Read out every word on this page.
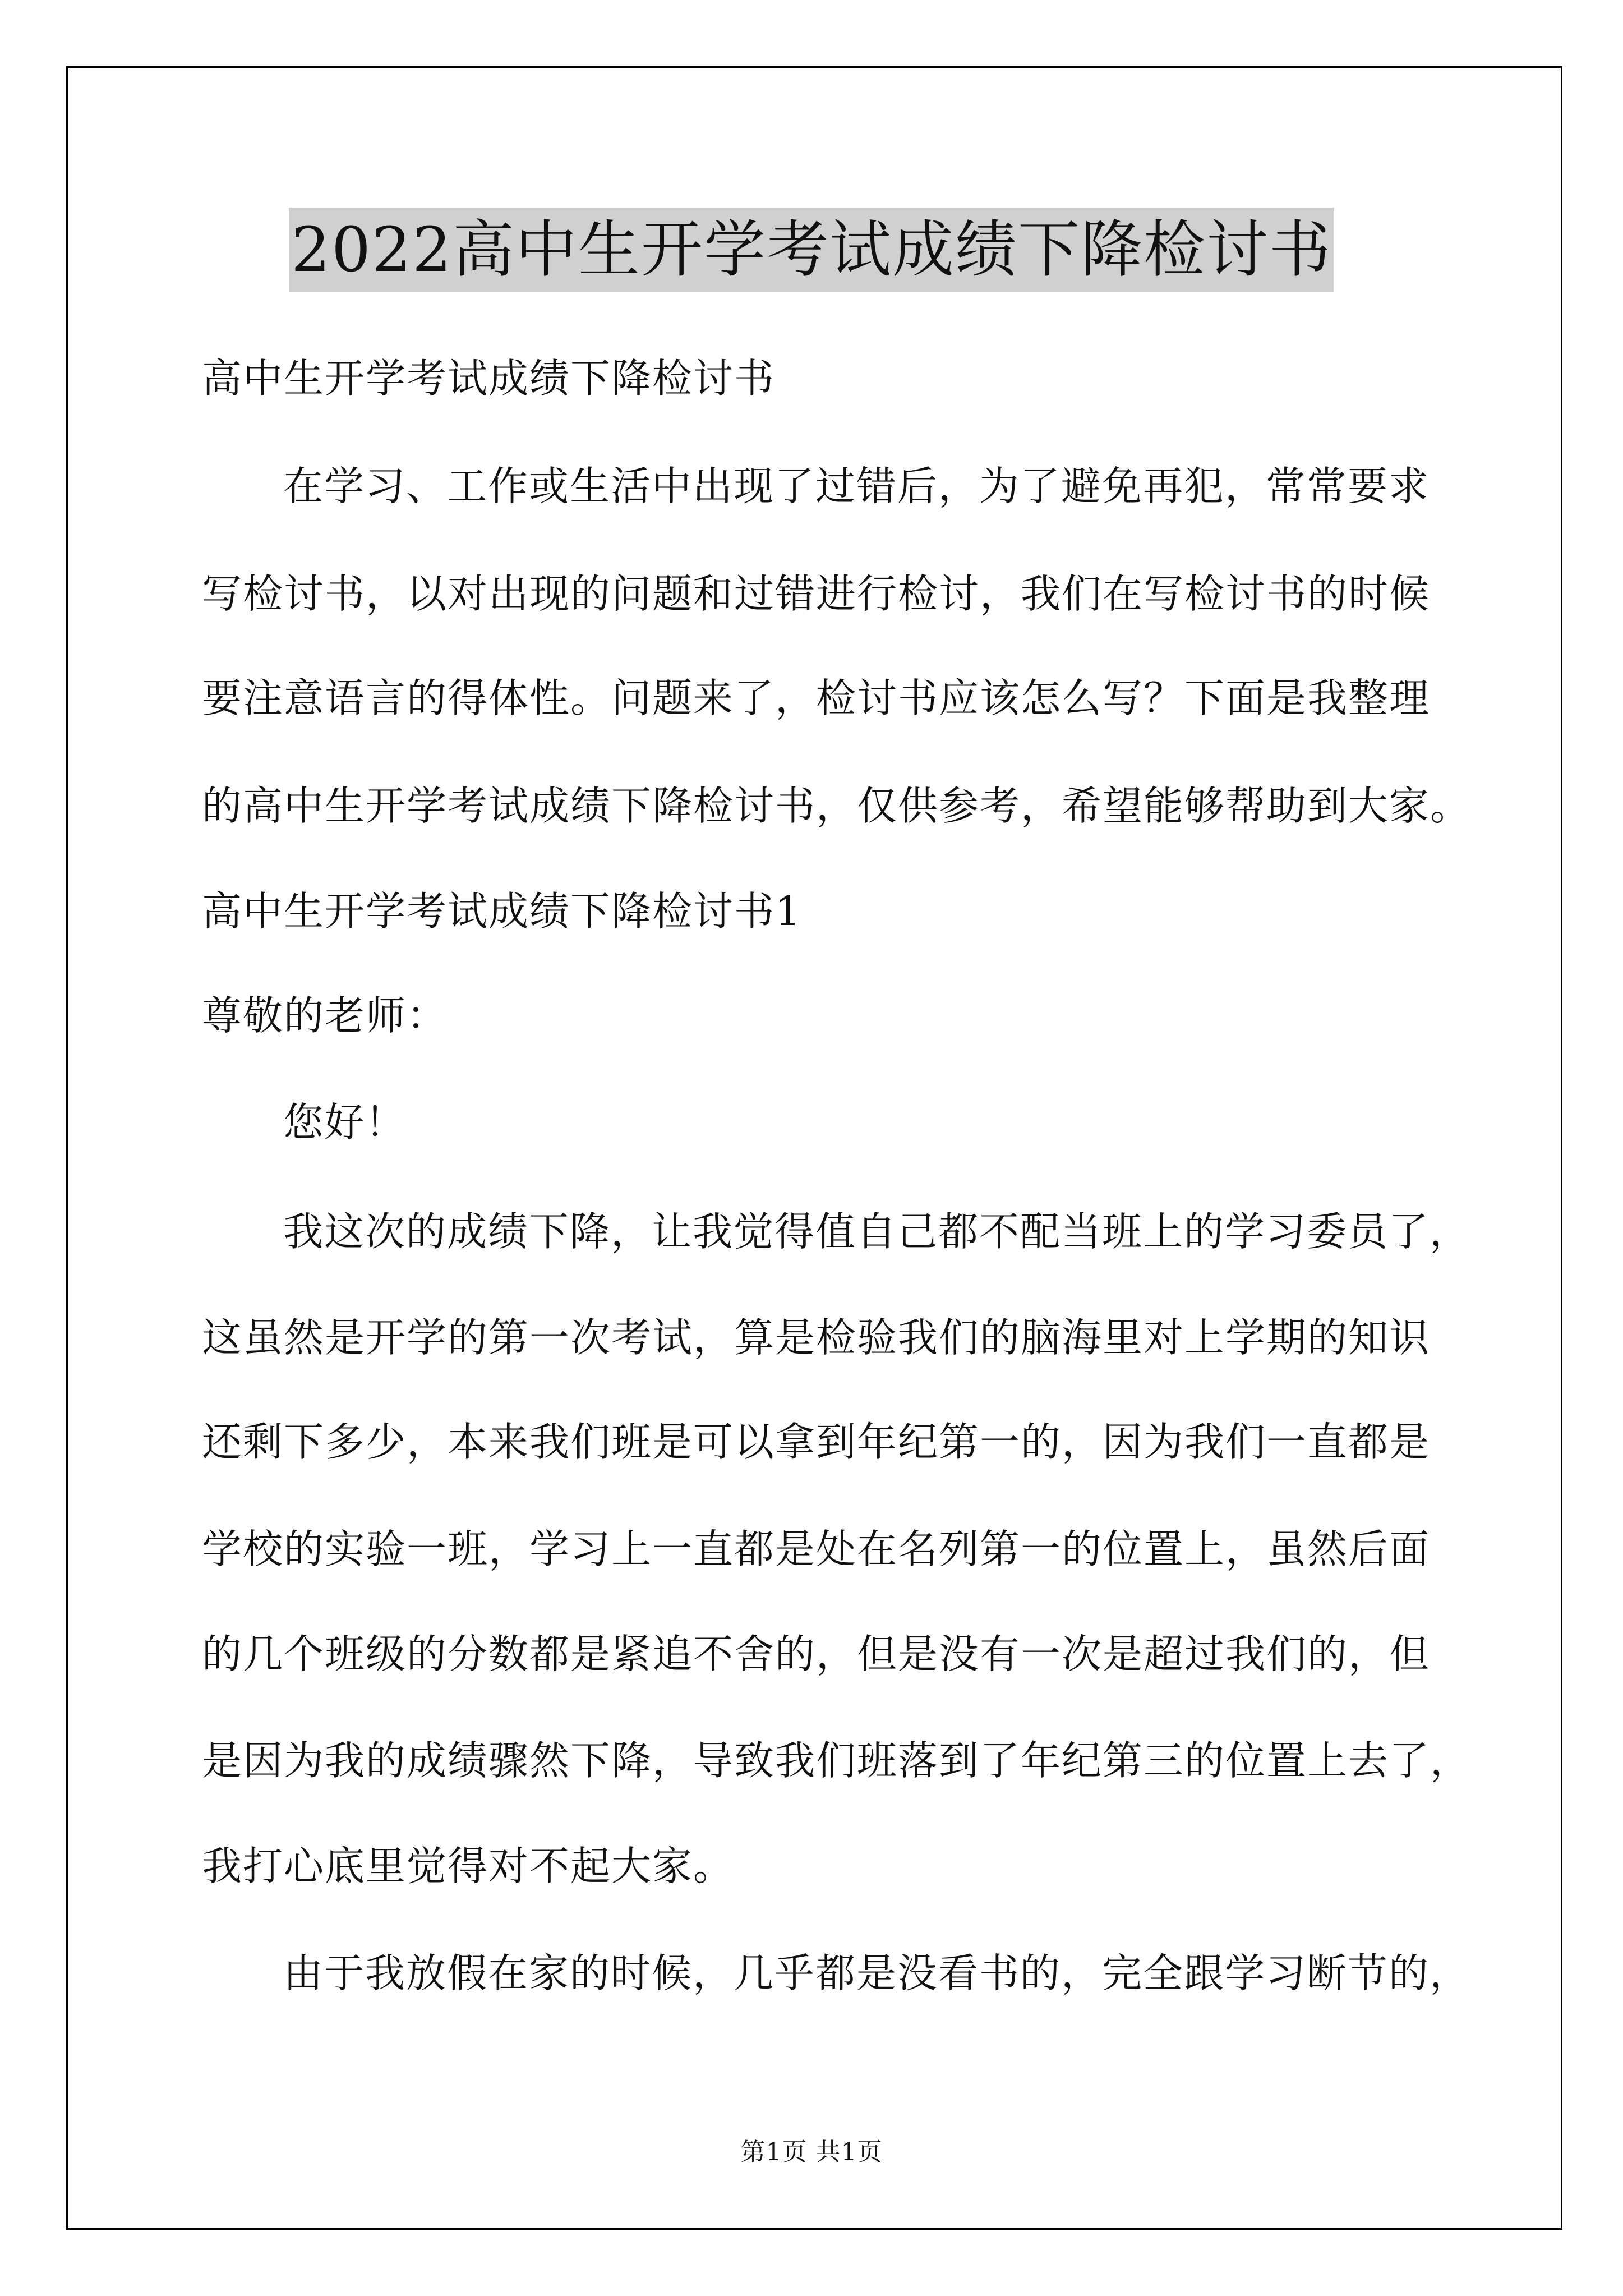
2022高中生开学考试成绩下降检讨书
高中生开学考试成绩下降检讨书
在学习、工作或生活中出现了过错后，为了避免再犯，常常要求
写检讨书，以对出现的问题和过错进行检讨，我们在写检讨书的时候
要注意语言的得体性。问题来了，检讨书应该怎么写？下面是我整理
的高中生开学考试成绩下降检讨书，仅供参考，希望能够帮助到大家。
高中生开学考试成绩下降检讨书1
尊敬的老师：
您好！
我这次的成绩下降，让我觉得值自己都不配当班上的学习委员了，
这虽然是开学的第一次考试，算是检验我们的脑海里对上学期的知识
还剩下多少，本来我们班是可以拿到年纪第一的，因为我们一直都是
学校的实验一班，学习上一直都是处在名列第一的位置上，虽然后面
的几个班级的分数都是紧追不舍的，但是没有一次是超过我们的，但
是因为我的成绩骤然下降，导致我们班落到了年纪第三的位置上去了，
我打心底里觉得对不起大家。
由于我放假在家的时候，几乎都是没看书的，完全跟学习断节的，
第1页 共1页
